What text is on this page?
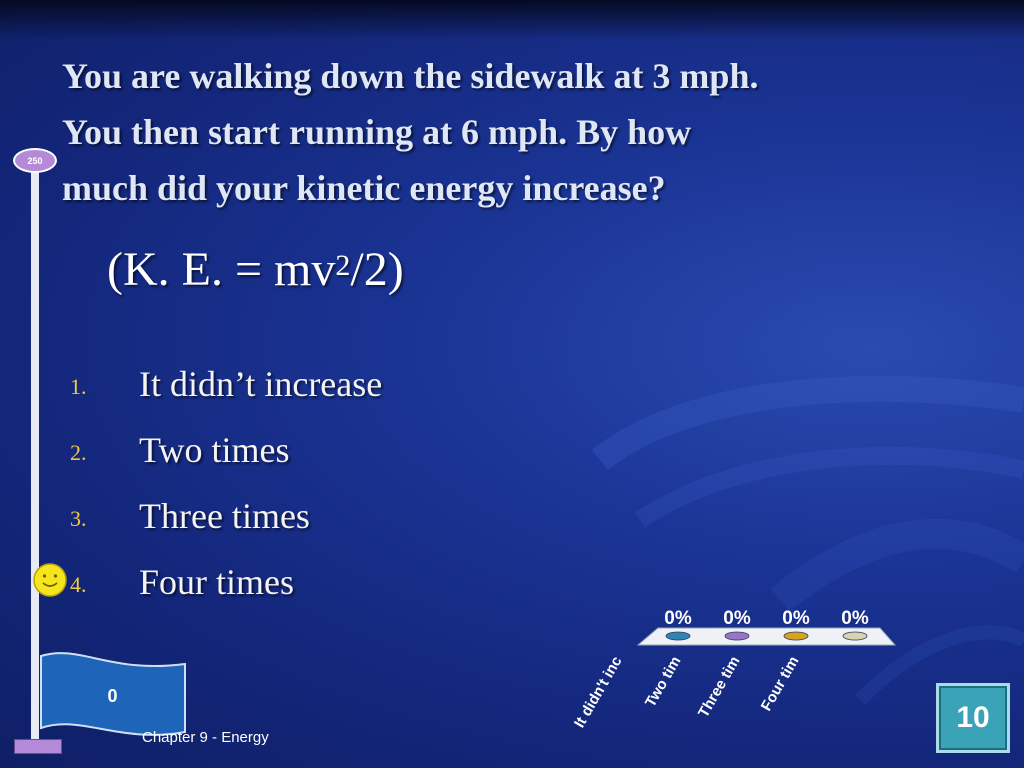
You are walking down the sidewalk at 3 mph.
You then start running at 6 mph. By how
much did your kinetic energy increase?
(K. E. = $mv^2/2$)
1. It didn’t increase
2. Two times
3. Three times
4. Four times
250
0
Chapter 9 - Energy
10
0%
It didn't inc
0%
Two tim
0%
Three tim
0%
Four tim
